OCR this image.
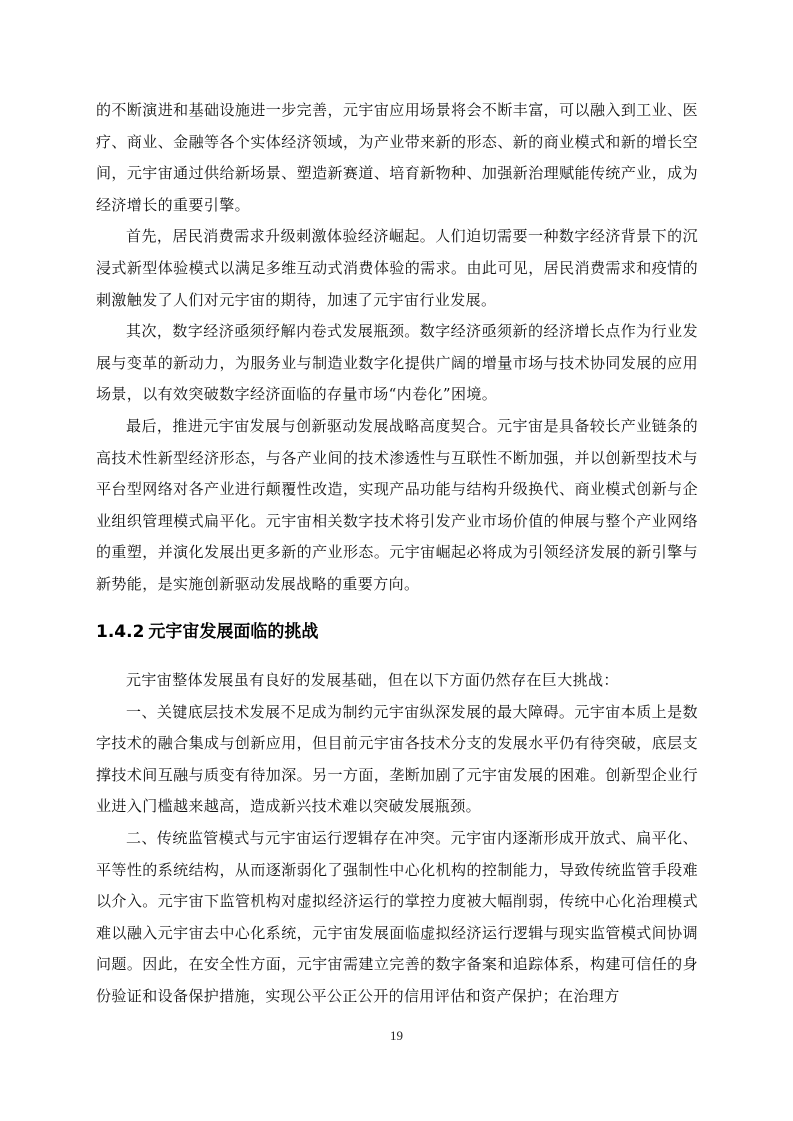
的不断演进和基础设施进一步完善，元宇宙应用场景将会不断丰富，可以融入到工业、医疗、商业、金融等各个实体经济领域，为产业带来新的形态、新的商业模式和新的增长空间，元宇宙通过供给新场景、塑造新赛道、培育新物种、加强新治理赋能传统产业，成为经济增长的重要引擎。

首先，居民消费需求升级刺激体验经济崛起。人们迫切需要一种数字经济背景下的沉浸式新型体验模式以满足多维互动式消费体验的需求。由此可见，居民消费需求和疫情的刺激触发了人们对元宇宙的期待，加速了元宇宙行业发展。

其次，数字经济亟须纾解内卷式发展瓶颈。数字经济亟须新的经济增长点作为行业发展与变革的新动力，为服务业与制造业数字化提供广阔的增量市场与技术协同发展的应用场景，以有效突破数字经济面临的存量市场“内卷化”困境。

最后，推进元宇宙发展与创新驱动发展战略高度契合。元宇宙是具备较长产业链条的高技术性新型经济形态，与各产业间的技术渗透性与互联性不断加强，并以创新型技术与平台型网络对各产业进行颠覆性改造，实现产品功能与结构升级换代、商业模式创新与企业组织管理模式扁平化。元宇宙相关数字技术将引发产业市场价值的伸展与整个产业网络的重塑，并演化发展出更多新的产业形态。元宇宙崛起必将成为引领经济发展的新引擎与新势能，是实施创新驱动发展战略的重要方向。

1.4.2 元宇宙发展面临的挑战

元宇宙整体发展虽有良好的发展基础，但在以下方面仍然存在巨大挑战：

一、关键底层技术发展不足成为制约元宇宙纵深发展的最大障碍。元宇宙本质上是数字技术的融合集成与创新应用，但目前元宇宙各技术分支的发展水平仍有待突破，底层支撑技术间互融与质变有待加深。另一方面，垄断加剧了元宇宙发展的困难。创新型企业行业进入门槛越来越高，造成新兴技术难以突破发展瓶颈。

二、传统监管模式与元宇宙运行逻辑存在冲突。元宇宙内逐渐形成开放式、扁平化、平等性的系统结构，从而逐渐弱化了强制性中心化机构的控制能力，导致传统监管手段难以介入。元宇宙下监管机构对虚拟经济运行的掌控力度被大幅削弱，传统中心化治理模式难以融入元宇宙去中心化系统，元宇宙发展面临虚拟经济运行逻辑与现实监管模式间协调问题。因此，在安全性方面，元宇宙需建立完善的数字备案和追踪体系，构建可信任的身份验证和设备保护措施，实现公平公正公开的信用评估和资产保护；在治理方

19
